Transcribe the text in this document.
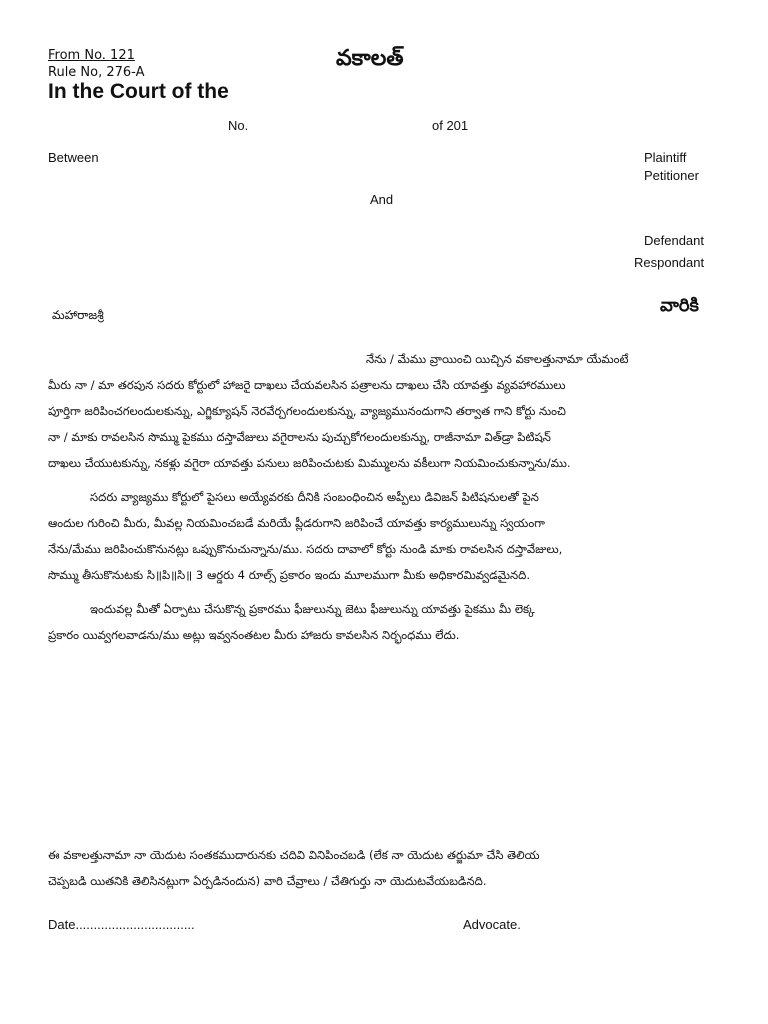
From No. 121
Rule No, 276-A
In the Court of the
వకాలత్
No.	of 201
Between	Plaintiff
Petitioner
And
Defendant
Respondant
మహారాజశ్రీ	వారికి
నేను / మేము వ్రాయించి యిచ్చిన వకాలత్తునామా యేమంటే
మీరు నా / మా తరపున సదరు కోర్టులో హాజరై దాఖలు చేయవలసిన పత్రాలను దాఖలు చేసి యావత్తు వ్యవహారములు
పూర్తిగా జరిపించగలందులకున్ను, ఎగ్జిక్యూషన్ నెరవేర్చగలందులకున్ను, వ్యాజ్యమునందుగాని తర్వాత గాని కోర్టు నుంచి
నా / మాకు రావలసిన సొమ్ము పైకము దస్తావేజులు వగైరాలను పుచ్చుకోగలందులకున్ను, రాజీనామా విత్‌డ్రా పిటిషన్
దాఖలు చేయుటకున్ను, నకళ్లు వగైరా యావత్తు పనులు జరిపించుటకు మిమ్ములను వకీలుగా నియమించుకున్నాను/ము.
సదరు వ్యాజ్యము కోర్టులో పైసలు అయ్యేవరకు దీనికి సంబంధించిన అప్పీలు డివిజన్ పిటిషనులతో పైన
ఆందుల గురించి మీరు, మీవల్ల నియమించబడే మరియే ప్లీడరుగాని జరిపించే యావత్తు కార్యములున్ను స్వయంగా
నేను/మేము జరిపించుకొనునట్లు ఒప్పుకొనుచున్నాను/ము. సదరు దావాలో కోర్టు నుండి మాకు రావలసిన దస్తావేజులు,
సొమ్ము తీసుకొనుటకు సి॥పి॥సి॥ 3 ఆర్డరు 4 రూల్స్ ప్రకారం ఇందు మూలముగా మీకు అధికారమివ్వడమైనది.
ఇందువల్ల మీతో ఏర్పాటు చేసుకొన్న ప్రకారము ఫీజులున్ను జెటు ఫీజులున్ను యావత్తు పైకము మీ లెక్క
ప్రకారం యివ్వగలవాడను/ము అట్లు ఇవ్వనంతటల మీరు హాజరు కావలసిన నిర్భంధము లేదు.
ఈ వకాలత్తునామా నా యెదుట సంతకముదారునకు చదివి వినిపించబడి (లేక నా యెదుట తర్జుమా చేసి తెలియ
చెప్పబడి యితనికి తెలిసినట్లుగా ఏర్పడినందున) వారి చేవ్రాలు / చేతిగుర్తు నా యెదుటవేయబడినది.
Date.................................	Advocate.
